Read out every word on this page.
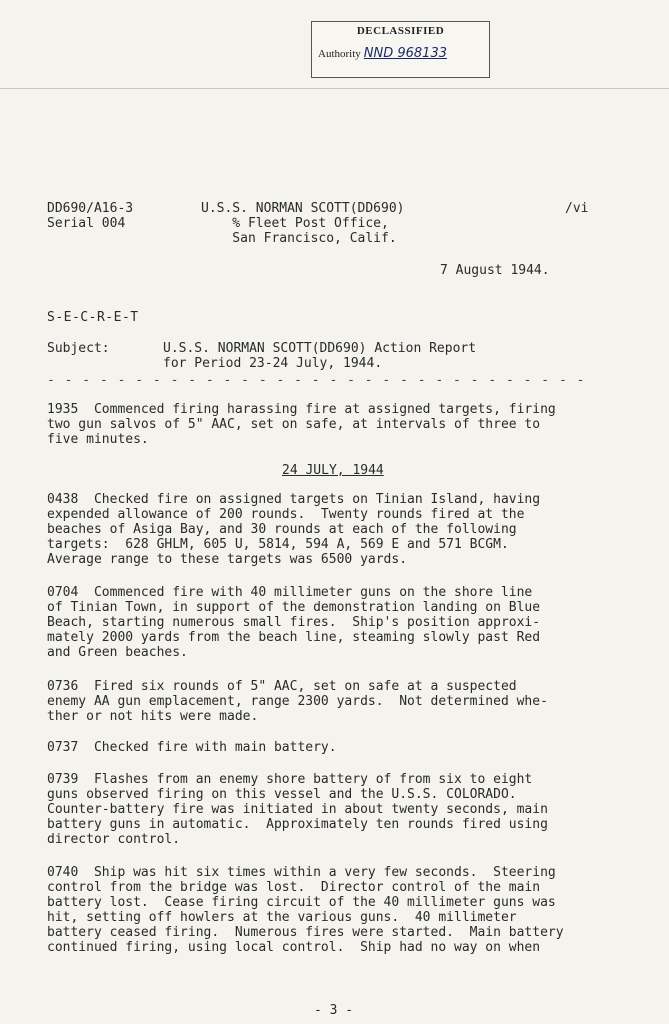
DECLASSIFIED
Authority NND 968133
DD690/A16-3
Serial 004
U.S.S. NORMAN SCOTT(DD690)
% Fleet Post Office,
San Francisco, Calif.
/vi
7 August 1944.
S-E-C-R-E-T
Subject:	U.S.S. NORMAN SCOTT(DD690) Action Report
for Period 23-24 July, 1944.
- - - - - - - - - - - - - - - - - - - - - - - - - - - - - - -
1935  Commenced firing harassing fire at assigned targets, firing
two gun salvos of 5" AAC, set on safe, at intervals of three to
five minutes.
24 JULY, 1944
0438  Checked fire on assigned targets on Tinian Island, having
expended allowance of 200 rounds.  Twenty rounds fired at the
beaches of Asiga Bay, and 30 rounds at each of the following
targets:  628 GHLM, 605 U, 5814, 594 A, 569 E and 571 BCGM.
Average range to these targets was 6500 yards.
0704  Commenced fire with 40 millimeter guns on the shore line
of Tinian Town, in support of the demonstration landing on Blue
Beach, starting numerous small fires.  Ship's position approxi-
mately 2000 yards from the beach line, steaming slowly past Red
and Green beaches.
0736  Fired six rounds of 5" AAC, set on safe at a suspected
enemy AA gun emplacement, range 2300 yards.  Not determined whe-
ther or not hits were made.
0737  Checked fire with main battery.
0739  Flashes from an enemy shore battery of from six to eight
guns observed firing on this vessel and the U.S.S. COLORADO.
Counter-battery fire was initiated in about twenty seconds, main
battery guns in automatic.  Approximately ten rounds fired using
director control.
0740  Ship was hit six times within a very few seconds.  Steering
control from the bridge was lost.  Director control of the main
battery lost.  Cease firing circuit of the 40 millimeter guns was
hit, setting off howlers at the various guns.  40 millimeter
battery ceased firing.  Numerous fires were started.  Main battery
continued firing, using local control.  Ship had no way on when
- 3 -
